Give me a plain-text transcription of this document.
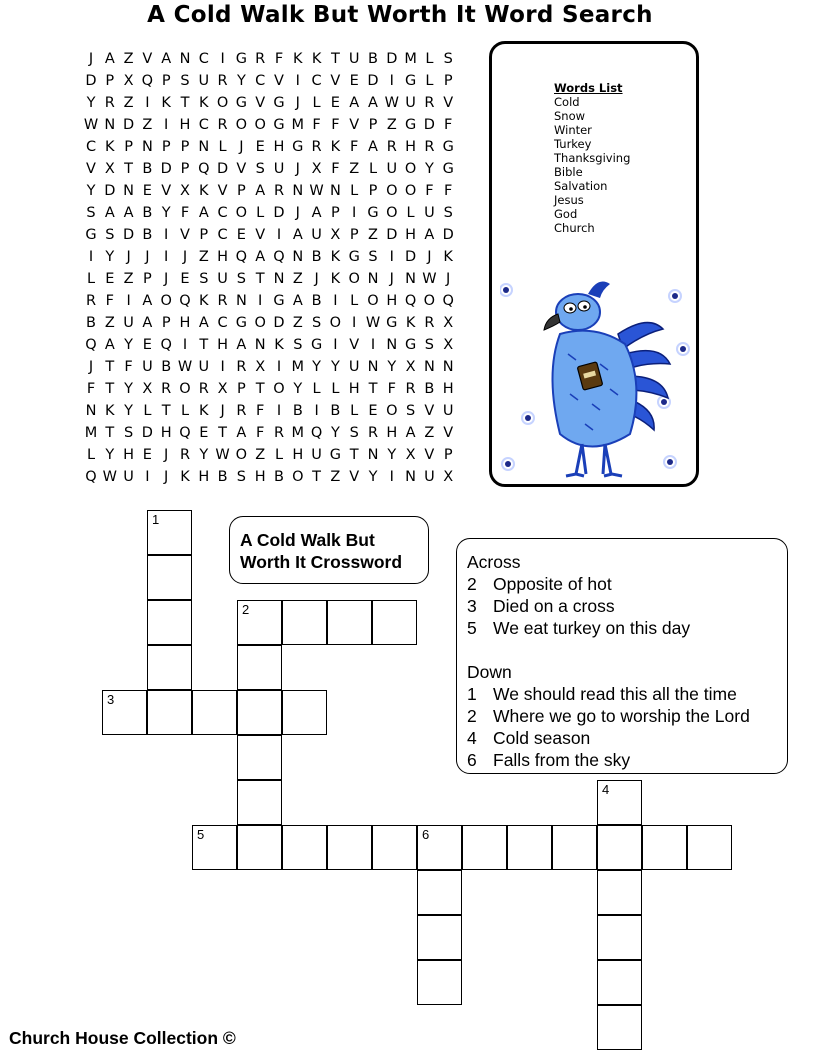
A Cold Walk But Worth It Word Search
J A Z V A N C I G R F K K T U B D M L S
D P X Q P S U R Y C V I C V E D I G L P
Y R Z I K T K O G V G J L E A A W U R V
W N D Z I H C R O O G M F F V P Z G D F
C K P N P P N L J E H G R K F A R H R G
V X T B D P Q D V S U J X F Z L U O Y G
Y D N E V X K V P A R N W N L P O O F F
S A A B Y F A C O L D J A P I G O L U S
G S D B I V P C E V I A U X P Z D H A D
I Y J	J	I	J Z H Q A Q N B K G S I D J K
L E Z P J E S U S T N Z J K O N J N W J
R F I A O Q K R N I G A B I L O H Q O Q
B Z U A P H A C G O D Z S O I W G K R X
Q A Y E Q I T H A N K S G I V I N G S X
J T F U B W U I R X I M Y Y U N Y X N N
F T Y X R O R X P T O Y L L H T F R B H
N K Y L T L K J R F I B I B L E O S V U
M T S D H Q E T A F R M Q Y S R H A Z V
L Y H E J R Y W O Z L H U G T N Y X V P
Q W U I	J K H B S H B O T Z V Y I N U X
Words List
Cold
Snow
Winter
Turkey
Thanksgiving
Bible
Salvation
Jesus
God
Church
A Cold Walk But
Worth It Crossword	Across
2 Opposite of hot
3 Died on a cross
5 We eat turkey on this day
Down
1 We should read this all the time
2 Where we go to worship the Lord
4 Cold season
6 Falls from the sky
1
2
3
5	6
4
Church House Collection ©
